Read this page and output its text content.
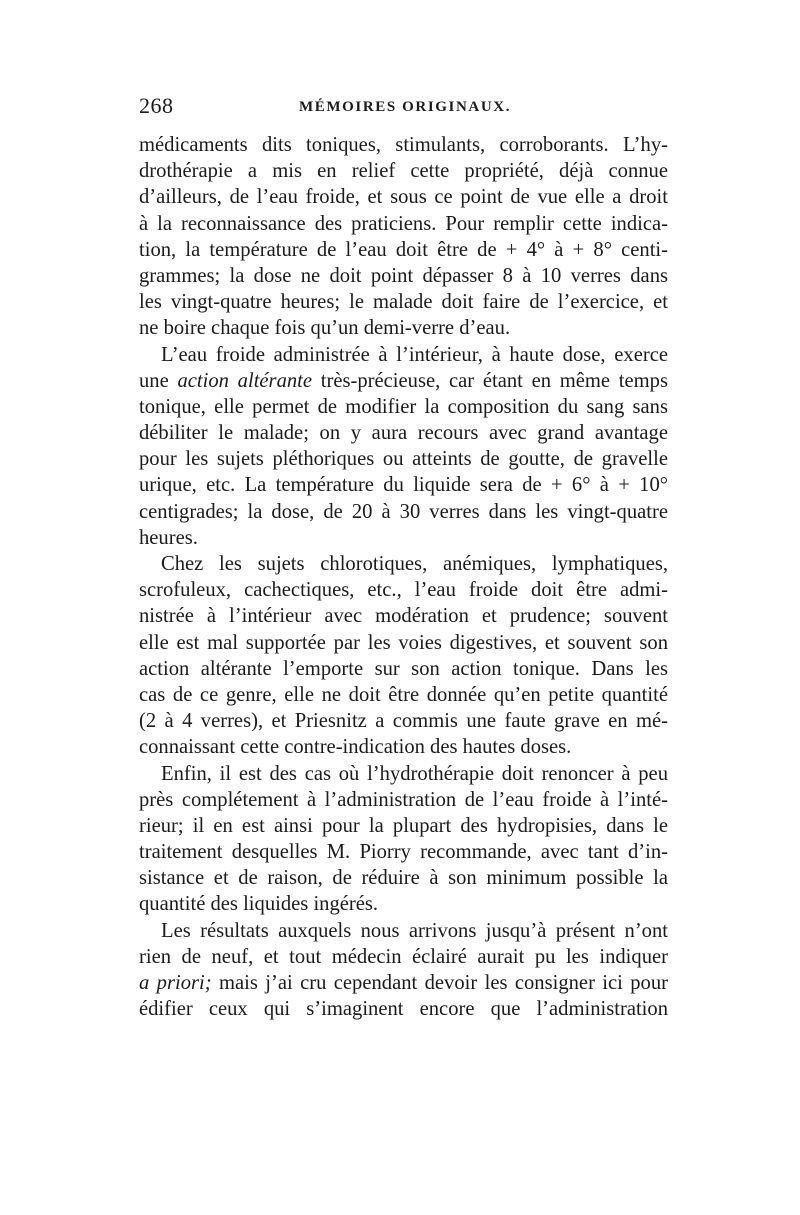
268	MÉMOIRES ORIGINAUX.
médicaments dits toniques, stimulants, corroborants. L’hy-
drothérapie a mis en relief cette propriété, déjà connue
d’ailleurs, de l’eau froide, et sous ce point de vue elle a droit
à la reconnaissance des praticiens. Pour remplir cette indica-
tion, la température de l’eau doit être de + 4° à + 8° centi-
grammes; la dose ne doit point dépasser 8 à 10 verres dans
les vingt-quatre heures; le malade doit faire de l’exercice, et
ne boire chaque fois qu’un demi-verre d’eau.
L’eau froide administrée à l’intérieur, à haute dose, exerce
une action altérante très-précieuse, car étant en même temps
tonique, elle permet de modifier la composition du sang sans
débiliter le malade; on y aura recours avec grand avantage
pour les sujets pléthoriques ou atteints de goutte, de gravelle
urique, etc. La température du liquide sera de + 6° à + 10°
centigrades; la dose, de 20 à 30 verres dans les vingt-quatre
heures.
Chez les sujets chlorotiques, anémiques, lymphatiques,
scrofuleux, cachectiques, etc., l’eau froide doit être admi-
nistrée à l’intérieur avec modération et prudence; souvent
elle est mal supportée par les voies digestives, et souvent son
action altérante l’emporte sur son action tonique. Dans les
cas de ce genre, elle ne doit être donnée qu’en petite quantité
(2 à 4 verres), et Priesnitz a commis une faute grave en mé-
connaissant cette contre-indication des hautes doses.
Enfin, il est des cas où l’hydrothérapie doit renoncer à peu
près complétement à l’administration de l’eau froide à l’inté-
rieur; il en est ainsi pour la plupart des hydropisies, dans le
traitement desquelles M. Piorry recommande, avec tant d’in-
sistance et de raison, de réduire à son minimum possible la
quantité des liquides ingérés.
Les résultats auxquels nous arrivons jusqu’à présent n’ont
rien de neuf, et tout médecin éclairé aurait pu les indiquer
a priori; mais j’ai cru cependant devoir les consigner ici pour
édifier ceux qui s’imaginent encore que l’administration
